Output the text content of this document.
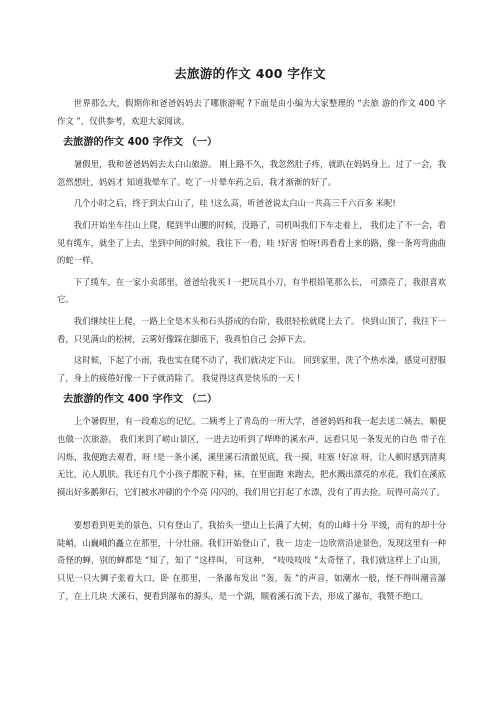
去旅游的作文 400 字作文

世界那么大，假期你和爸爸妈妈去了哪旅游呢 ?下面是由小编为大家整理的 “去旅 游的作文 400 字作文 ”，仅供参考，欢迎大家阅读。

去旅游的作文 400 字作文 （一）

暑假里，我和爸爸妈妈去太白山旅游。 刚上路不久，我忽然肚子疼，就趴在妈妈身上。过了一会，我忽然想吐，妈妈才 知道我晕车了。吃了一片晕车药之后，我才渐渐的好了。

几个小时之后，终于到太白山了，哇 !这么高，听爸爸说太白山一共高三千六百多 米呢!

我们开始坐车往山上爬，爬到半山腰的时候，没路了，司机叫我们下车走着上， 我们走了不一会，看见有缆车，就坐了上去，坐到中间的时候，我往下一看，哇 !好害 怕呀!再看看上来的路，像一条弯弯曲曲的蛇一样。

下了缆车，在一家小卖部里，爸爸给我买 l 一把玩具小刀，有半根铅笔那么长， 可漂亮了，我很喜欢它。

我们继续往上爬，一路上全是木头和石头搭成的台阶，我很轻松就爬上去了。 快到山顶了，我往下一看，只见满山的松树，云雾好像踩在脚底下，我真怕自己 会掉下去。

这时候，下起了小雨，我也实在爬不动了，我们就决定下山。 回到家里，洗了个热水澡，感觉可舒服了，身上的疲倦好像一下子就消除了。 我觉得这真是快乐的一天 !

去旅游的作文 400 字作文 （二）

上个暑假里，有一段难忘的记忆。二姨考上了青岛的一所大学，爸爸妈妈和我一起去送二姨去，顺便也做一次旅游。 我们来到了崂山景区，一进去边听到了哗哗的溪水声，远看只见一条发光的白色 带子在闪烁，我便跑去观看，呀 !是一条小溪，溪里溪石清澈见底，我一摸，哇塞 !好凉 呀，让人顿时感到清爽无比，沁人肌肤。我还有几个小孩子都脱下鞋，袜，在里面跑 来跑去，把水溅出漂亮的水花，我们在溪底摸出好多鹅卵石，它们被水冲刷的个个亮 闪闪的，我们用它打起了水漂，没有了再去捡。玩得可高兴了。

要想看到更美的景色，只有登山了，我抬头一望山上长满了大树，有的山峰十分 平缓，而有的却十分陡峭，山巍峨的矗立在那里，十分壮丽。我们开始登山了，我一 边走一边欣赏沿途景色，发现这里有一种奇怪的蝉，别的蝉都是 “知了，知了 ”这样叫， 可这种， “吱吱吱吱 ”太奇怪了，我们就这样上了山顶，只见一只大狮子张着大口，卧 在那里，一条瀑布发出 “轰，轰 ”的声音，如潮水一般，怪不得叫潮音瀑了，在上几块 大溪石，便看到瀑布的源头，是一个湖，顺着溪石流下去，形成了瀑布，我赞不绝口。
